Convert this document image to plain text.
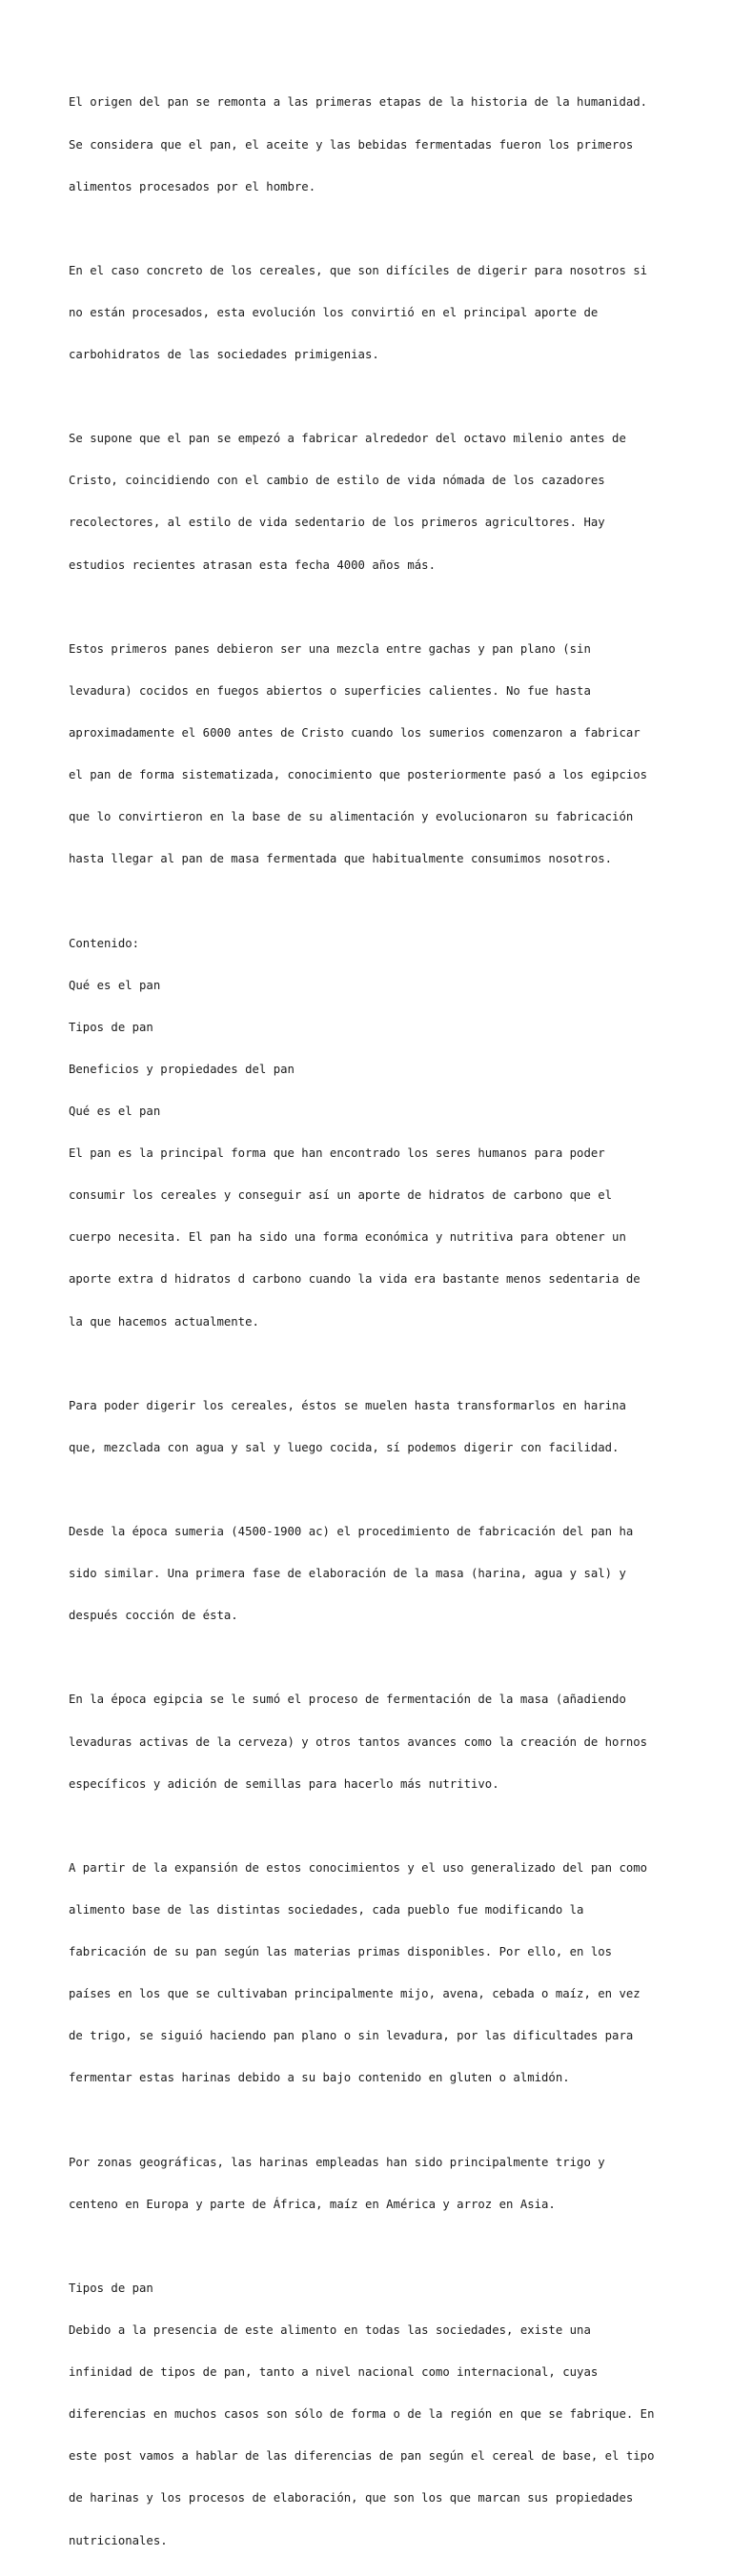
El origen del pan se remonta a las primeras etapas de la historia de la humanidad.

Se considera que el pan, el aceite y las bebidas fermentadas fueron los primeros

alimentos procesados por el hombre.

En el caso concreto de los cereales, que son difíciles de digerir para nosotros si

no están procesados, esta evolución los convirtió en el principal aporte de

carbohidratos de las sociedades primigenias.

Se supone que el pan se empezó a fabricar alrededor del octavo milenio antes de

Cristo, coincidiendo con el cambio de estilo de vida nómada de los cazadores

recolectores, al estilo de vida sedentario de los primeros agricultores. Hay

estudios recientes atrasan esta fecha 4000 años más.

Estos primeros panes debieron ser una mezcla entre gachas y pan plano (sin

levadura) cocidos en fuegos abiertos o superficies calientes. No fue hasta

aproximadamente el 6000 antes de Cristo cuando los sumerios comenzaron a fabricar

el pan de forma sistematizada, conocimiento que posteriormente pasó a los egipcios

que lo convirtieron en la base de su alimentación y evolucionaron su fabricación

hasta llegar al pan de masa fermentada que habitualmente consumimos nosotros.

Contenido:

Qué es el pan

Tipos de pan

Beneficios y propiedades del pan

Qué es el pan

El pan es la principal forma que han encontrado los seres humanos para poder

consumir los cereales y conseguir así un aporte de hidratos de carbono que el

cuerpo necesita. El pan ha sido una forma económica y nutritiva para obtener un

aporte extra d hidratos d carbono cuando la vida era bastante menos sedentaria de

la que hacemos actualmente.

Para poder digerir los cereales, éstos se muelen hasta transformarlos en harina

que, mezclada con agua y sal y luego cocida, sí podemos digerir con facilidad.

Desde la época sumeria (4500-1900 ac) el procedimiento de fabricación del pan ha

sido similar. Una primera fase de elaboración de la masa (harina, agua y sal) y

después cocción de ésta.

En la época egipcia se le sumó el proceso de fermentación de la masa (añadiendo

levaduras activas de la cerveza) y otros tantos avances como la creación de hornos

específicos y adición de semillas para hacerlo más nutritivo.

A partir de la expansión de estos conocimientos y el uso generalizado del pan como

alimento base de las distintas sociedades, cada pueblo fue modificando la

fabricación de su pan según las materias primas disponibles. Por ello, en los

países en los que se cultivaban principalmente mijo, avena, cebada o maíz, en vez

de trigo, se siguió haciendo pan plano o sin levadura, por las dificultades para

fermentar estas harinas debido a su bajo contenido en gluten o almidón.

Por zonas geográficas, las harinas empleadas han sido principalmente trigo y

centeno en Europa y parte de África, maíz en América y arroz en Asia.

Tipos de pan

Debido a la presencia de este alimento en todas las sociedades, existe una

infinidad de tipos de pan, tanto a nivel nacional como internacional, cuyas

diferencias en muchos casos son sólo de forma o de la región en que se fabrique. En

este post vamos a hablar de las diferencias de pan según el cereal de base, el tipo

de harinas y los procesos de elaboración, que son los que marcan sus propiedades

nutricionales.
